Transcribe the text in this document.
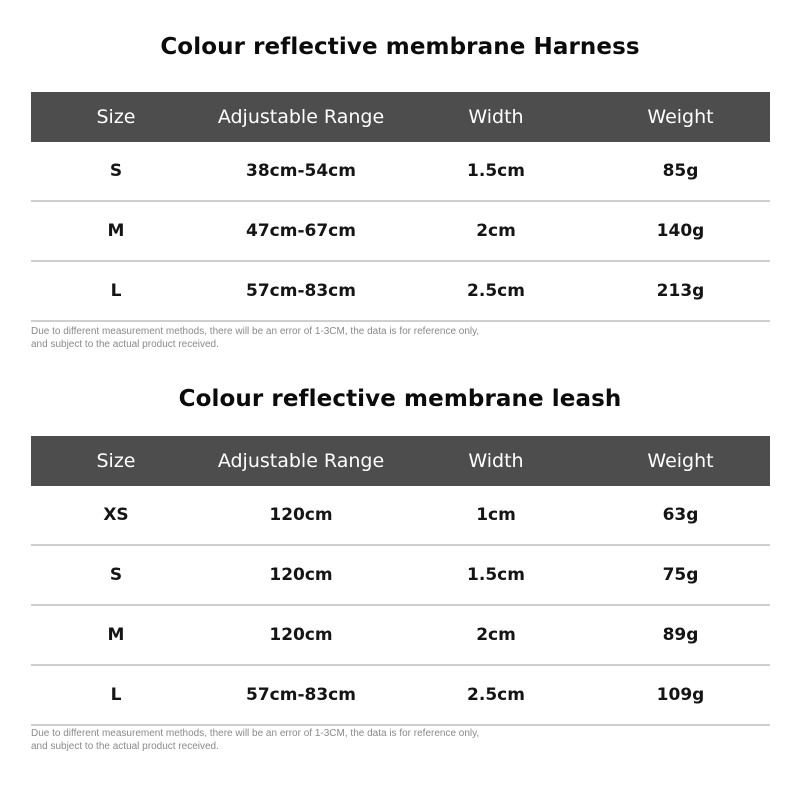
Colour reflective membrane Harness
Size	Adjustable Range	Width	Weight
S	38cm-54cm	1.5cm	85g
M	47cm-67cm	2cm	140g
L	57cm-83cm	2.5cm	213g
Due to different measurement methods, there will be an error of 1-3CM, the data is for reference only,
and subject to the actual product received.
Colour reflective membrane leash
Size	Adjustable Range	Width	Weight
XS	120cm	1cm	63g
S	120cm	1.5cm	75g
M	120cm	2cm	89g
L	57cm-83cm	2.5cm	109g
Due to different measurement methods, there will be an error of 1-3CM, the data is for reference only,
and subject to the actual product received.
